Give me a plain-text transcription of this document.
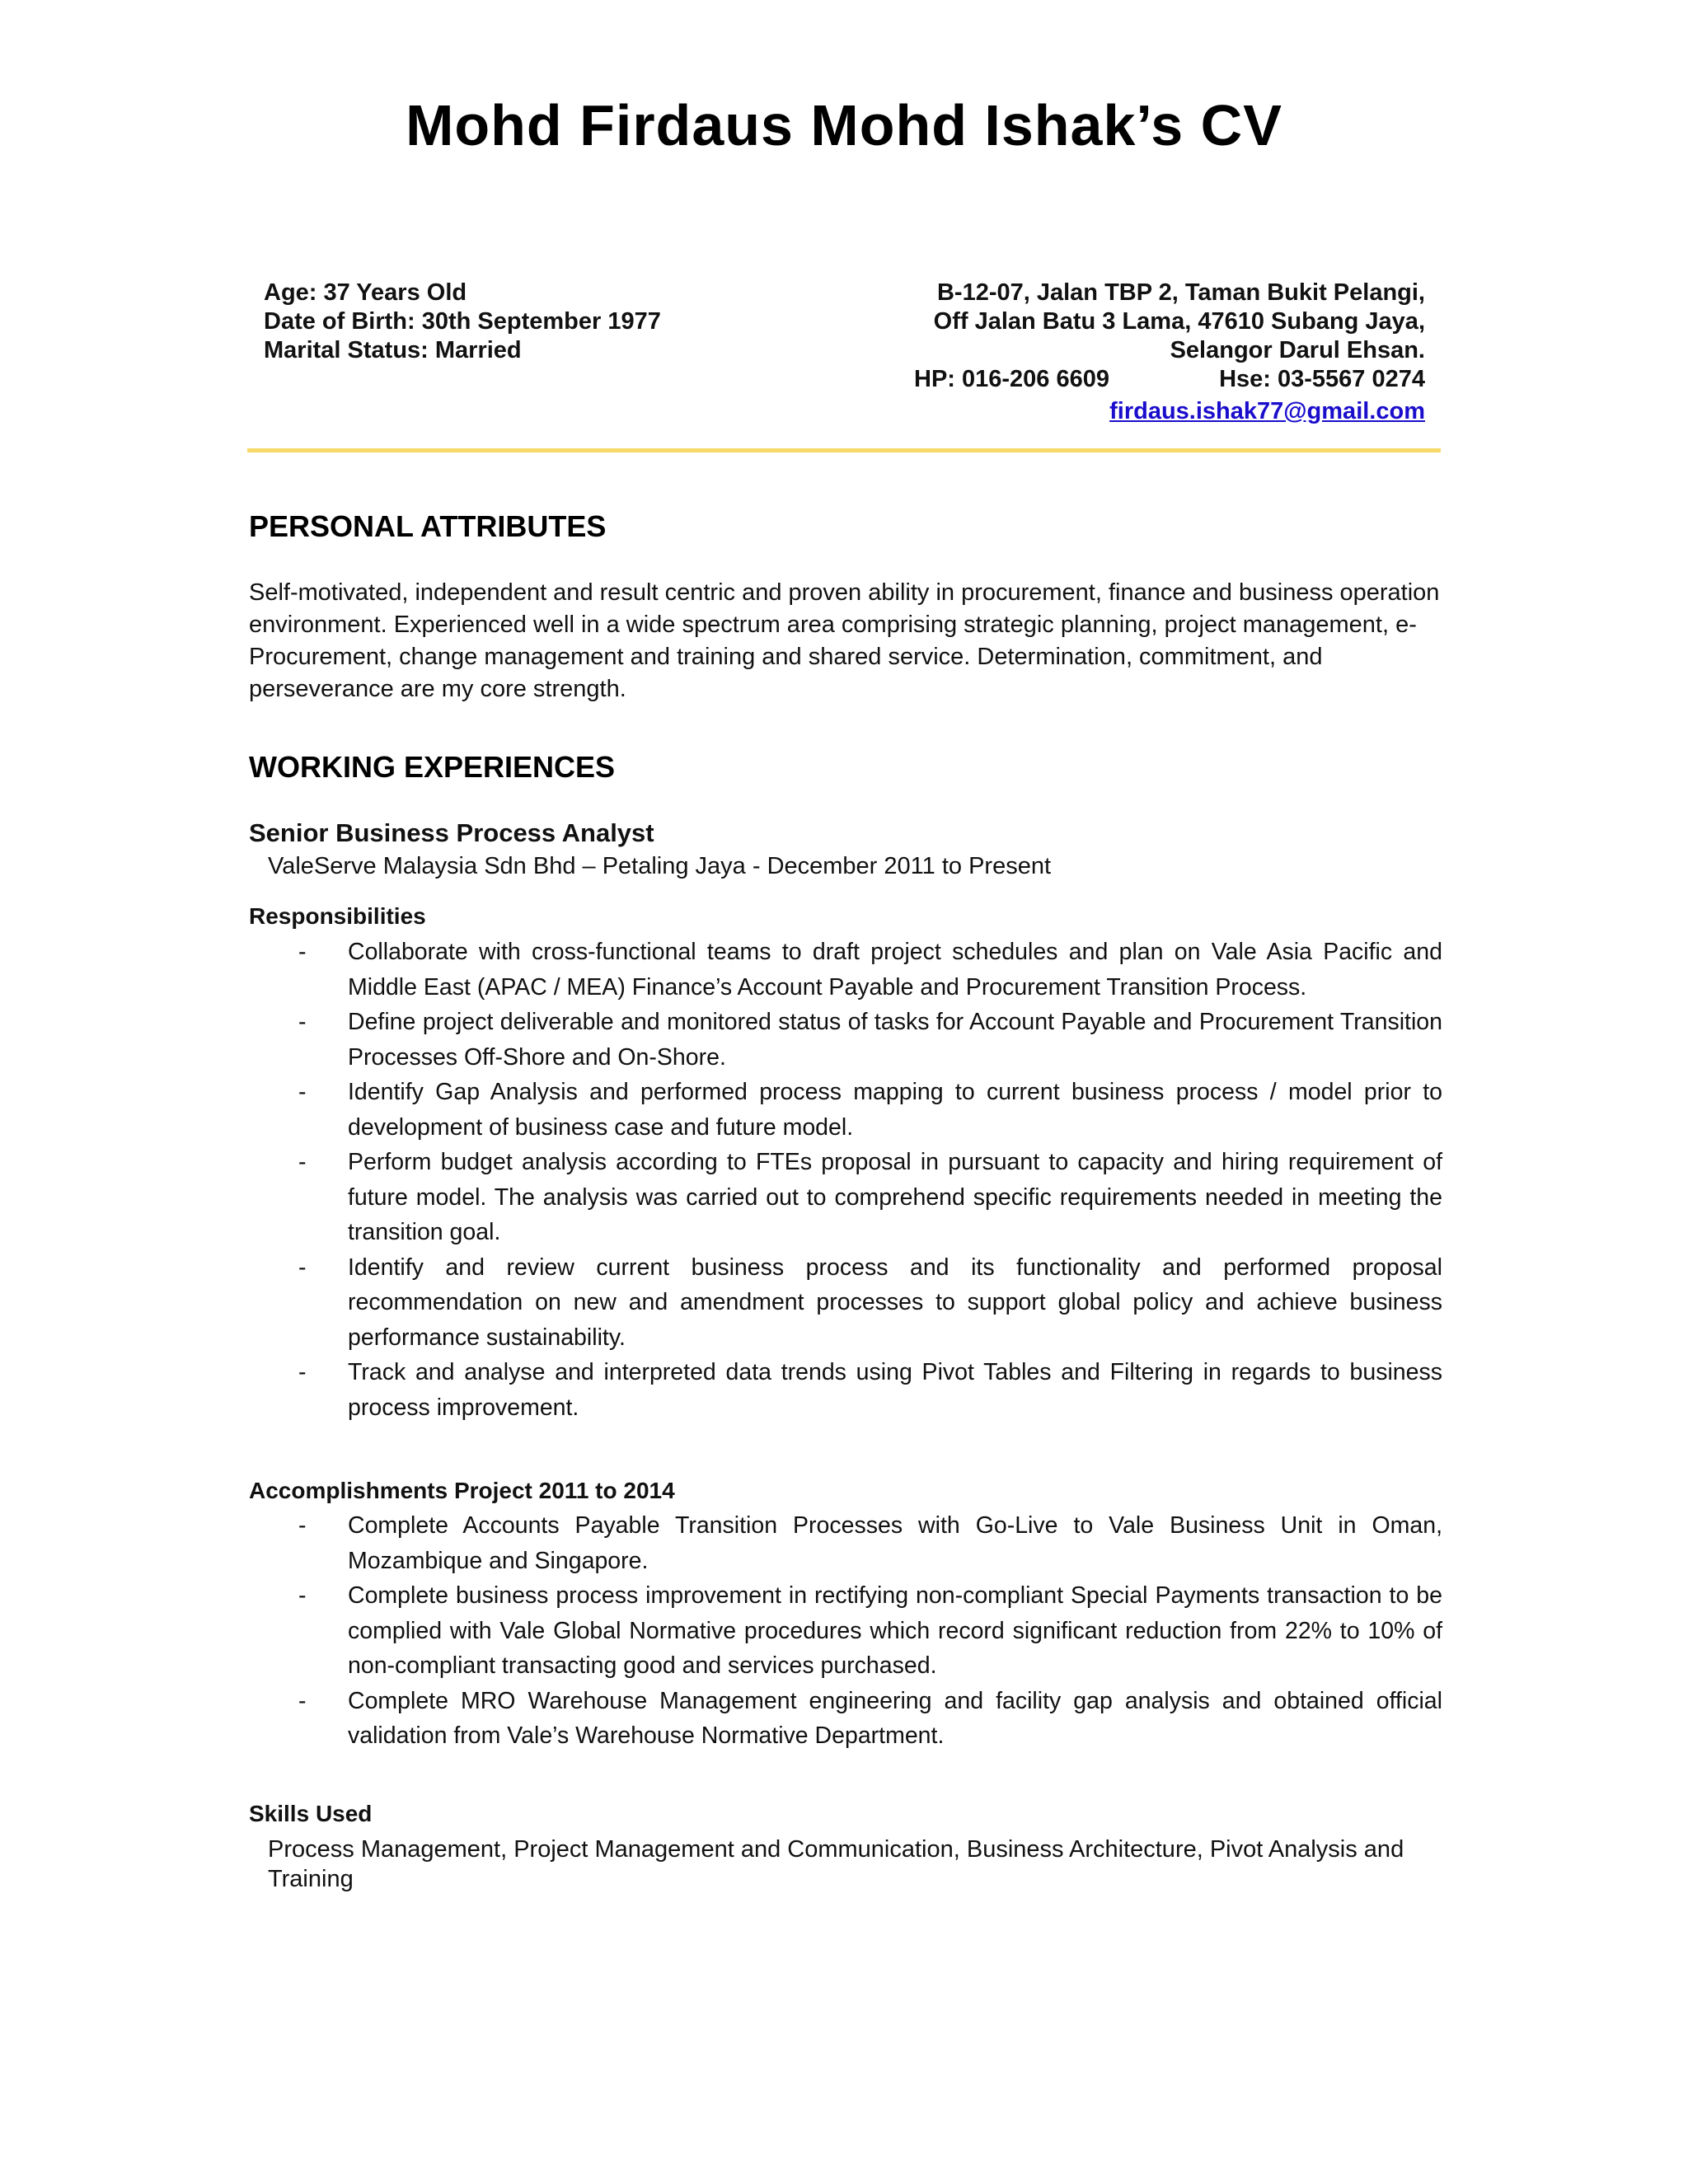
Mohd Firdaus Mohd Ishak’s CV
Age: 37 Years Old
Date of Birth: 30th September 1977
Marital Status: Married
B-12-07, Jalan TBP 2, Taman Bukit Pelangi,
Off Jalan Batu 3 Lama, 47610 Subang Jaya,
Selangor Darul Ehsan.
HP: 016-206 6609	Hse: 03-5567 0274
firdaus.ishak77@gmail.com
PERSONAL ATTRIBUTES
Self-motivated, independent and result centric and proven ability in procurement, finance and business operation environment. Experienced well in a wide spectrum area comprising strategic planning, project management, e-Procurement, change management and training and shared service. Determination, commitment, and perseverance are my core strength.
WORKING EXPERIENCES
Senior Business Process Analyst
ValeServe Malaysia Sdn Bhd – Petaling Jaya - December 2011 to Present
Responsibilities
- Collaborate with cross-functional teams to draft project schedules and plan on Vale Asia Pacific and Middle East (APAC / MEA) Finance’s Account Payable and Procurement Transition Process.
- Define project deliverable and monitored status of tasks for Account Payable and Procurement Transition Processes Off-Shore and On-Shore.
- Identify Gap Analysis and performed process mapping to current business process / model prior to development of business case and future model.
- Perform budget analysis according to FTEs proposal in pursuant to capacity and hiring requirement of future model. The analysis was carried out to comprehend specific requirements needed in meeting the transition goal.
- Identify and review current business process and its functionality and performed proposal recommendation on new and amendment processes to support global policy and achieve business performance sustainability.
- Track and analyse and interpreted data trends using Pivot Tables and Filtering in regards to business process improvement.
Accomplishments Project 2011 to 2014
- Complete Accounts Payable Transition Processes with Go-Live to Vale Business Unit in Oman, Mozambique and Singapore.
- Complete business process improvement in rectifying non-compliant Special Payments transaction to be complied with Vale Global Normative procedures which record significant reduction from 22% to 10% of non-compliant transacting good and services purchased.
- Complete MRO Warehouse Management engineering and facility gap analysis and obtained official validation from Vale’s Warehouse Normative Department.
Skills Used
Process Management, Project Management and Communication, Business Architecture, Pivot Analysis and Training
